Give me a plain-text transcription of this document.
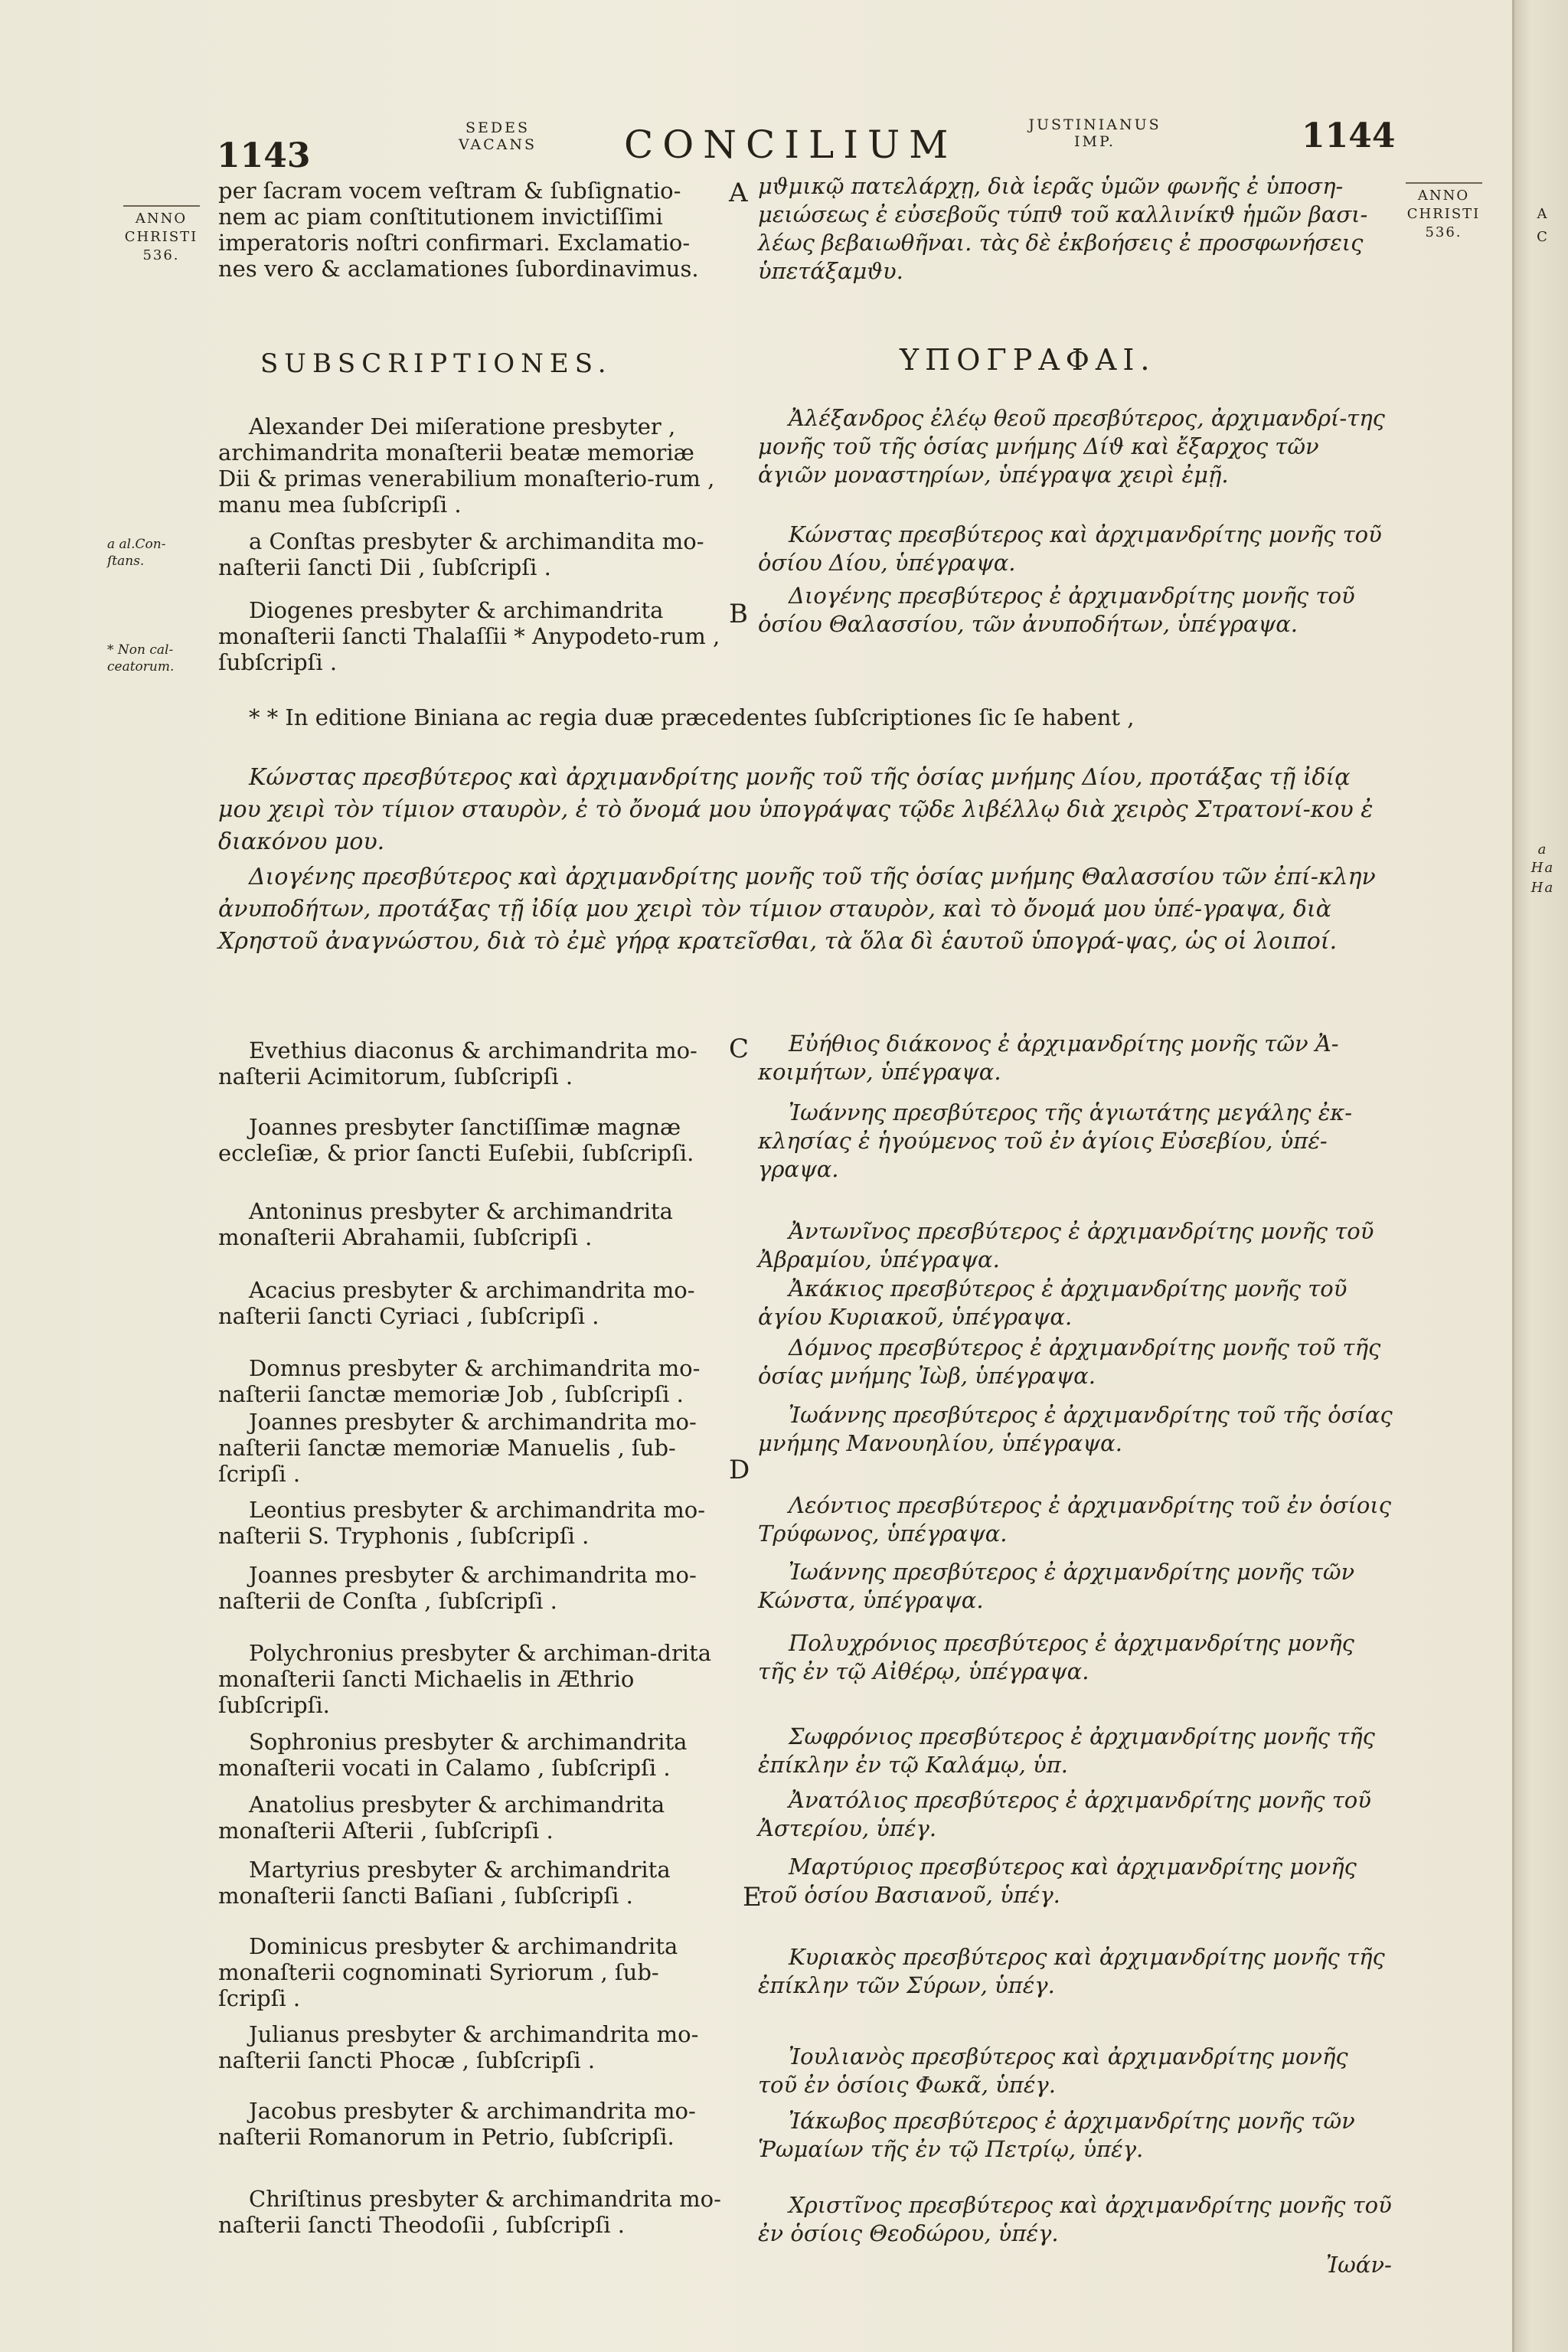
1143
SEDES
VACANS CONCILIUM	JUSTINIANUS
IMP.	1144
ANNO
CHRISTI
536.
ANNO
CHRISTI
536.
a al.Con-ſtans.
* Non cal-ceatorum.
A
B
C
D
E
A
C
a
Ha
Ha
per ſacram vocem veſtram & ſubſignatio-nem ac piam conſtitutionem invictiſſimi imperatoris noſtri confirmari. Exclamatio-nes vero & acclamationes ſubordinavimus.
μϑμικῷ πατελάρχῃ, διὰ ἱερᾶς ὑμῶν φωνῆς ἐ ὑποση-μειώσεως ἐ εὐσεβοῦς τύπϑ τοῦ καλλινίκϑ ἡμῶν βασι-λέως βεβαιωθῆναι. τὰς δὲ ἐκβοήσεις ἐ προσφωνήσεις ὑπετάξαμϑυ.
SUBSCRIPTIONES.	ΥΠΟΓΡΑΦΑΙ.
Alexander Dei miſeratione presbyter , archimandrita monaſterii beatæ memoriæ Dii & primas venerabilium monaſterio-rum , manu mea ſubſcripſi .
a Conſtas presbyter & archimandita mo-naſterii ſancti Dii , ſubſcripſi .
Diogenes presbyter & archimandrita monaſterii ſancti Thalaſſii * Anypodeto-rum , ſubſcripſi .
Ἀλέξανδρος ἐλέῳ θεοῦ πρεσβύτερος, ἀρχιμανδρί-της μονῆς τοῦ τῆς ὁσίας μνήμης Δίϑ καὶ ἔξαρχος τῶν ἁγιῶν μοναστηρίων, ὑπέγραψα χειρὶ ἐμῇ.
Κώνστας πρεσβύτερος καὶ ἀρχιμανδρίτης μονῆς τοῦ ὁσίου Δίου, ὑπέγραψα.
Διογένης πρεσβύτερος ἐ ἀρχιμανδρίτης μονῆς τοῦ ὁσίου Θαλασσίου, τῶν ἀνυποδήτων, ὑπέγραψα.
* * In editione Biniana ac regia duæ præcedentes ſubſcriptiones ſic ſe habent ,
Κώνστας πρεσβύτερος καὶ ἀρχιμανδρίτης μονῆς τοῦ τῆς ὁσίας μνήμης Δίου, προτάξας τῇ ἰδίᾳ μου χειρὶ τὸν τίμιον σταυρὸν, ἐ τὸ ὄνομά μου ὑπογράψας τῷδε λιβέλλῳ διὰ χειρὸς Στρατονί-κου ἐ διακόνου μου.
Διογένης πρεσβύτερος καὶ ἀρχιμανδρίτης μονῆς τοῦ τῆς ὁσίας μνήμης Θαλασσίου τῶν ἐπί-κλην ἀνυποδήτων, προτάξας τῇ ἰδίᾳ μου χειρὶ τὸν τίμιον σταυρὸν, καὶ τὸ ὄνομά μου ὑπέ-γραψα, διὰ Χρηστοῦ ἀναγνώστου, διὰ τὸ ἐμὲ γήρᾳ κρατεῖσθαι, τὰ ὅλα δὶ ἑαυτοῦ ὑπογρά-ψας, ὡς οἱ λοιποί.
Evethius diaconus & archimandrita mo-naſterii Acimitorum, ſubſcripſi .
Joannes presbyter ſanctiſſimæ magnæ eccleſiæ, & prior ſancti Euſebii, ſubſcripſi.
Antoninus presbyter & archimandrita monaſterii Abrahamii, ſubſcripſi .
Acacius presbyter & archimandrita mo-naſterii ſancti Cyriaci , ſubſcripſi .
Domnus presbyter & archimandrita mo-naſterii ſanctæ memoriæ Job , ſubſcripſi .
Joannes presbyter & archimandrita mo-naſterii ſanctæ memoriæ Manuelis , ſub-ſcripſi .
Leontius presbyter & archimandrita mo-naſterii S. Tryphonis , ſubſcripſi .
Joannes presbyter & archimandrita mo-naſterii de Conſta , ſubſcripſi .
Polychronius presbyter & archiman-drita monaſterii ſancti Michaelis in Æthrio ſubſcripſi.
Sophronius presbyter & archimandrita monaſterii vocati in Calamo , ſubſcripſi .
Anatolius presbyter & archimandrita monaſterii Aſterii , ſubſcripſi .
Martyrius presbyter & archimandrita monaſterii ſancti Baſiani , ſubſcripſi .
Dominicus presbyter & archimandrita monaſterii cognominati Syriorum , ſub-ſcripſi .
Julianus presbyter & archimandrita mo-naſterii ſancti Phocæ , ſubſcripſi .
Jacobus presbyter & archimandrita mo-naſterii Romanorum in Petrio, ſubſcripſi.
Chriſtinus presbyter & archimandrita mo-naſterii ſancti Theodoſii , ſubſcripſi .
Εὐήθιος διάκονος ἐ ἀρχιμανδρίτης μονῆς τῶν Ἀ-κοιμήτων, ὑπέγραψα.
Ἰωάννης πρεσβύτερος τῆς ἁγιωτάτης μεγάλης ἐκ-κλησίας ἐ ἡγούμενος τοῦ ἐν ἁγίοις Εὐσεβίου, ὑπέ-γραψα.
Ἀντωνῖνος πρεσβύτερος ἐ ἀρχιμανδρίτης μονῆς τοῦ Ἀβραμίου, ὑπέγραψα.
Ἀκάκιος πρεσβύτερος ἐ ἀρχιμανδρίτης μονῆς τοῦ ἁγίου Κυριακοῦ, ὑπέγραψα.
Δόμνος πρεσβύτερος ἐ ἀρχιμανδρίτης μονῆς τοῦ τῆς ὁσίας μνήμης Ἰὼβ, ὑπέγραψα.
Ἰωάννης πρεσβύτερος ἐ ἀρχιμανδρίτης τοῦ τῆς ὁσίας μνήμης Μανουηλίου, ὑπέγραψα.
Λεόντιος πρεσβύτερος ἐ ἀρχιμανδρίτης τοῦ ἐν ὁσίοις Τρύφωνος, ὑπέγραψα.
Ἰωάννης πρεσβύτερος ἐ ἀρχιμανδρίτης μονῆς τῶν Κώνστα, ὑπέγραψα.
Πολυχρόνιος πρεσβύτερος ἐ ἀρχιμανδρίτης μονῆς τῆς ἐν τῷ Αἰθέρῳ, ὑπέγραψα.
Σωφρόνιος πρεσβύτερος ἐ ἀρχιμανδρίτης μονῆς τῆς ἐπίκλην ἐν τῷ Καλάμῳ, ὑπ.
Ἀνατόλιος πρεσβύτερος ἐ ἀρχιμανδρίτης μονῆς τοῦ Ἀστερίου, ὑπέγ.
Μαρτύριος πρεσβύτερος καὶ ἀρχιμανδρίτης μονῆς τοῦ ὁσίου Βασιανοῦ, ὑπέγ.
Κυριακὸς πρεσβύτερος καὶ ἀρχιμανδρίτης μονῆς τῆς ἐπίκλην τῶν Σύρων, ὑπέγ.
Ἰουλιανὸς πρεσβύτερος καὶ ἀρχιμανδρίτης μονῆς τοῦ ἐν ὁσίοις Φωκᾶ, ὑπέγ.
Ἰάκωβος πρεσβύτερος ἐ ἀρχιμανδρίτης μονῆς τῶν Ῥωμαίων τῆς ἐν τῷ Πετρίῳ, ὑπέγ.
Χριστῖνος πρεσβύτερος καὶ ἀρχιμανδρίτης μονῆς τοῦ ἐν ὁσίοις Θεοδώρου, ὑπέγ.
Ἰωάν-
